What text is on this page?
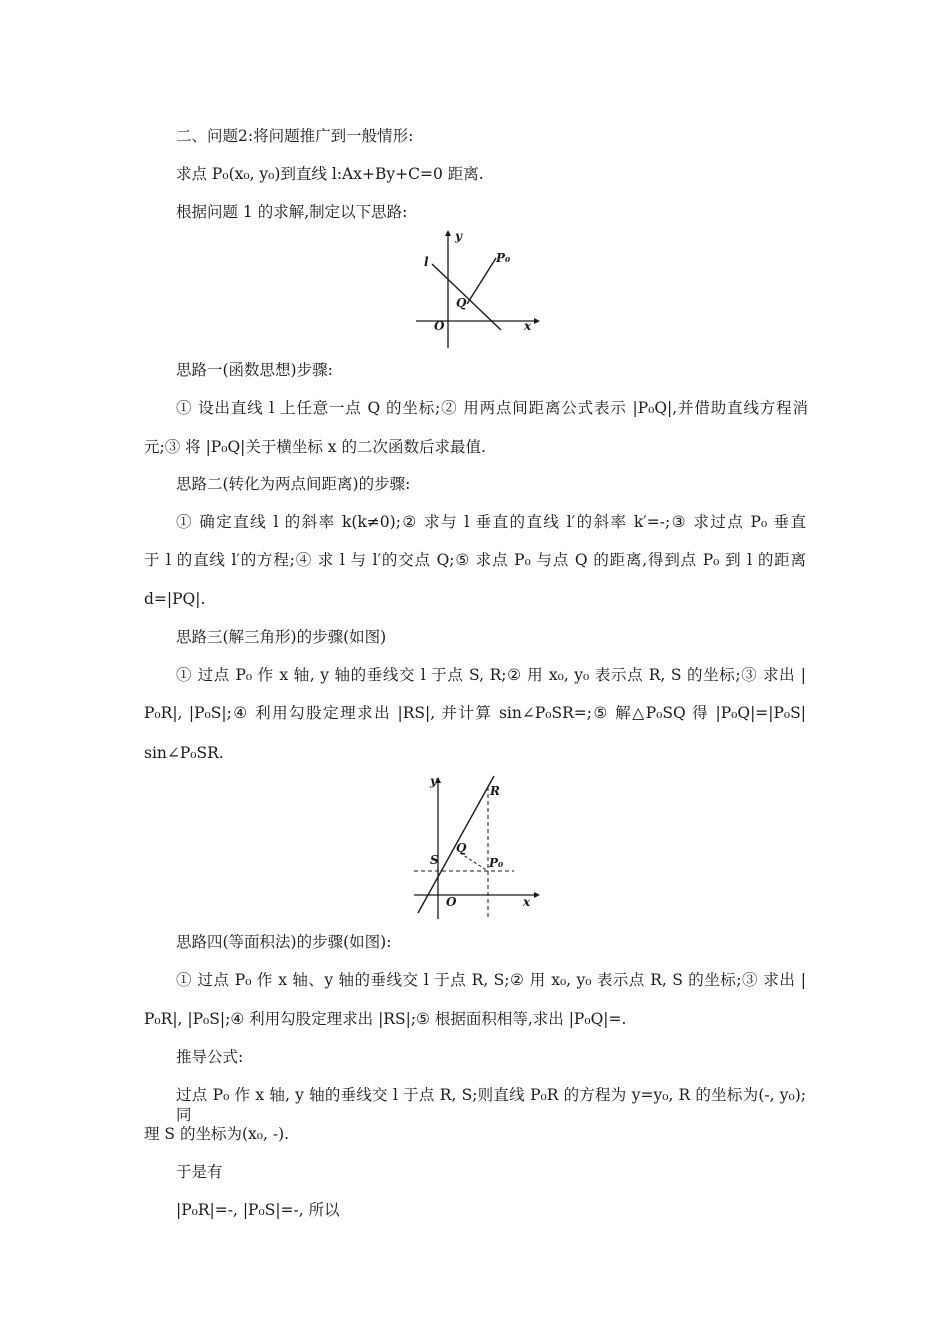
二、问题2:将问题推广到一般情形:
求点 P₀(x₀, y₀)到直线 l:Ax+By+C=0 距离.
根据问题 1 的求解,制定以下思路:
y
x
O
l
Q
P₀
思路一(函数思想)步骤:
① 设出直线 l 上任意一点 Q 的坐标;② 用两点间距离公式表示 |P₀Q|,并借助直线方程消
元;③ 将 |P₀Q|关于横坐标 x 的二次函数后求最值.
思路二(转化为两点间距离)的步骤:
① 确定直线 l 的斜率 k(k≠0);② 求与 l 垂直的直线 l′的斜率 k′=-;③ 求过点 P₀ 垂直
于 l 的直线 l′的方程;④ 求 l 与 l′的交点 Q;⑤ 求点 P₀ 与点 Q 的距离,得到点 P₀ 到 l 的距离
d=|PQ|.
思路三(解三角形)的步骤(如图)
① 过点 P₀ 作 x 轴, y 轴的垂线交 l 于点 S, R;② 用 x₀, y₀ 表示点 R, S 的坐标;③ 求出 |
P₀R|, |P₀S|;④ 利用勾股定理求出 |RS|, 并计算 sin∠P₀SR=;⑤ 解△P₀SQ 得 |P₀Q|=|P₀S|
sin∠P₀SR.
y
x
O
R
S
Q
P₀
思路四(等面积法)的步骤(如图):
① 过点 P₀ 作 x 轴、y 轴的垂线交 l 于点 R, S;② 用 x₀, y₀ 表示点 R, S 的坐标;③ 求出 |
P₀R|, |P₀S|;④ 利用勾股定理求出 |RS|;⑤ 根据面积相等,求出 |P₀Q|=.
推导公式:
过点 P₀ 作 x 轴, y 轴的垂线交 l 于点 R, S;则直线 P₀R 的方程为 y=y₀, R 的坐标为(-, y₀);同
理 S 的坐标为(x₀, -).
于是有
|P₀R|=-, |P₀S|=-, 所以
